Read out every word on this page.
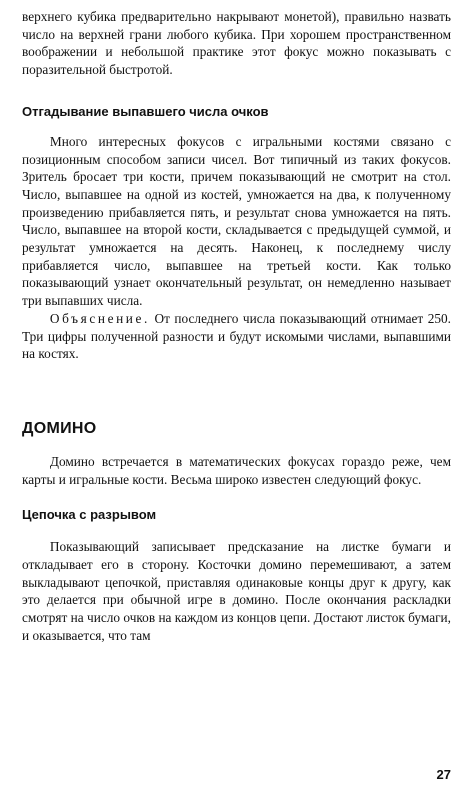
верхнего кубика предварительно накрывают монетой), правильно назвать число на верхней грани любого кубика. При хорошем пространственном воображении и небольшой практике этот фокус можно показывать с поразительной быстротой.

Отгадывание выпавшего числа очков

Много интересных фокусов с игральными костями связано с позиционным способом записи чисел. Вот типичный из таких фокусов. Зритель бросает три кости, причем показывающий не смотрит на стол. Число, выпавшее на одной из костей, умножается на два, к полученному произведению прибавляется пять, и результат снова умножается на пять. Число, выпавшее на второй кости, складывается с предыдущей суммой, и результат умножается на десять. Наконец, к последнему числу прибавляется число, выпавшее на третьей кости. Как только показывающий узнает окончательный результат, он немедленно называет три выпавших числа.

Объяснение. От последнего числа показывающий отнимает 250. Три цифры полученной разности и будут искомыми числами, выпавшими на костях.

ДОМИНО

Домино встречается в математических фокусах гораздо реже, чем карты и игральные кости. Весьма широко известен следующий фокус.

Цепочка с разрывом

Показывающий записывает предсказание на листке бумаги и откладывает его в сторону. Косточки домино перемешивают, а затем выкладывают цепочкой, приставляя одинаковые концы друг к другу, как это делается при обычной игре в домино. После окончания раскладки смотрят на число очков на каждом из концов цепи. Достают листок бумаги, и оказывается, что там

27
